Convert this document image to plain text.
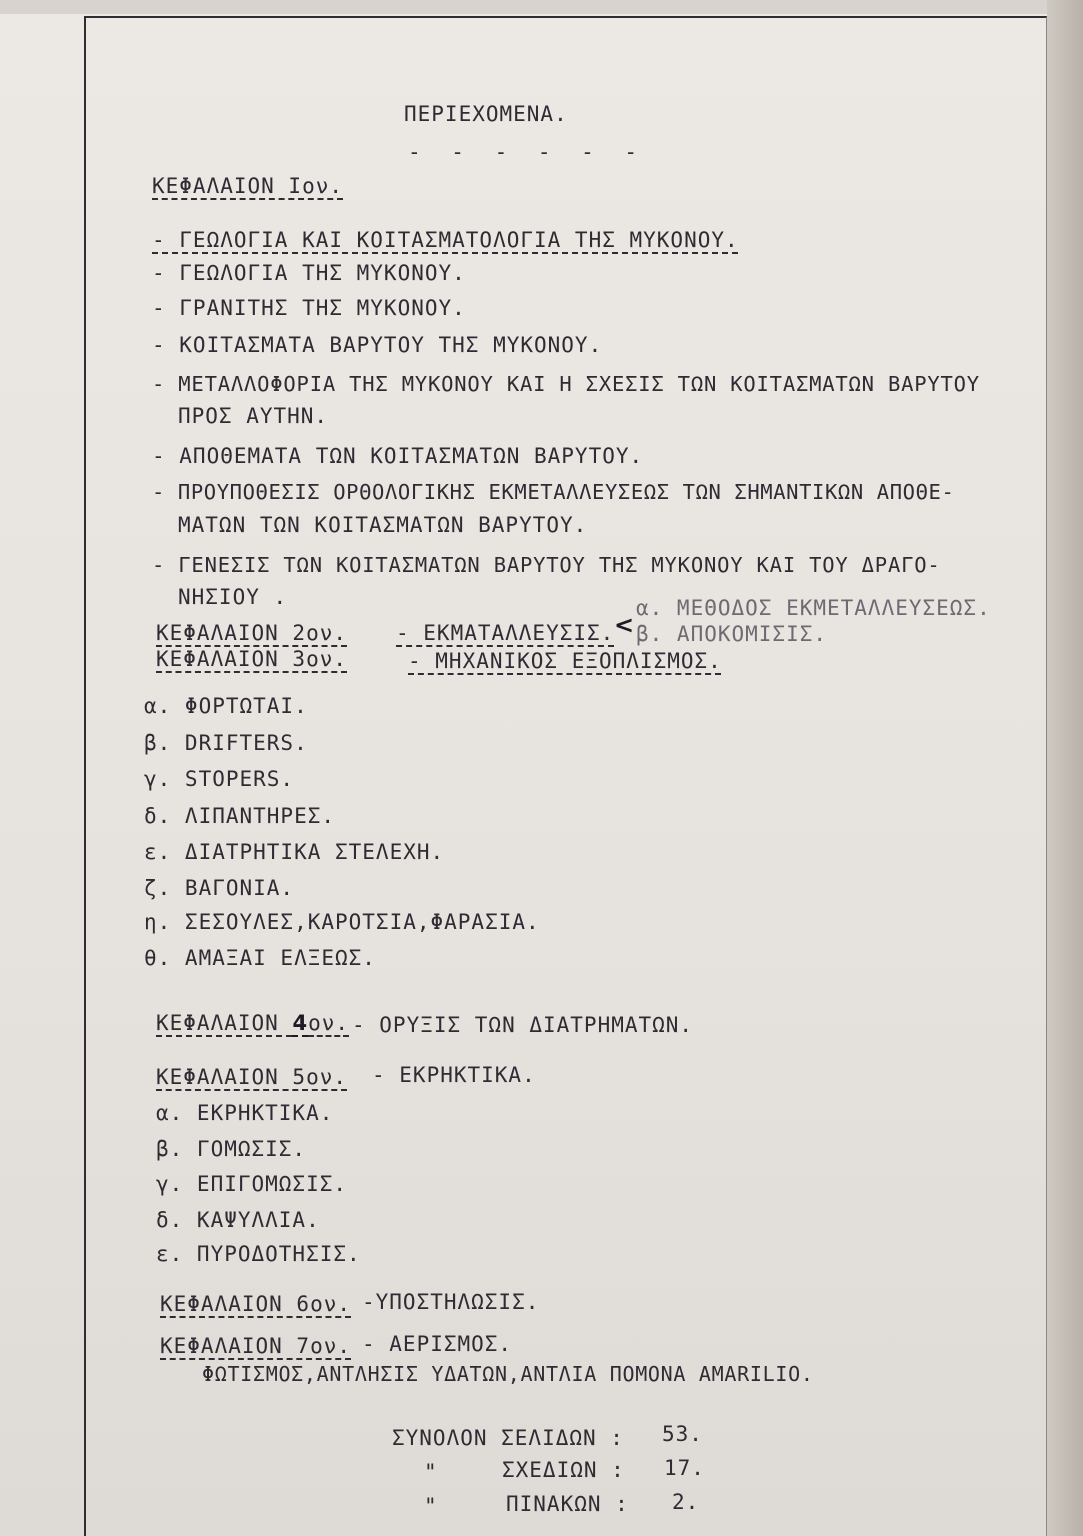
ΠΕΡΙΕΧΟΜΕΝΑ.
- - - - - -
ΚΕΦΑΛΑΙΟΝ Ιον.
- ΓΕΩΛΟΓΙΑ ΚΑΙ ΚΟΙΤΑΣΜΑΤΟΛΟΓΙΑ ΤΗΣ ΜΥΚΟΝΟΥ.
- ΓΕΩΛΟΓΙΑ ΤΗΣ ΜΥΚΟΝΟΥ.
- ΓΡΑΝΙΤΗΣ ΤΗΣ ΜΥΚΟΝΟΥ.
- ΚΟΙΤΑΣΜΑΤΑ ΒΑΡΥΤΟΥ ΤΗΣ ΜΥΚΟΝΟΥ.
- ΜΕΤΑΛΛΟΦΟΡΙΑ ΤΗΣ ΜΥΚΟΝΟΥ ΚΑΙ Η ΣΧΕΣΙΣ ΤΩΝ ΚΟΙΤΑΣΜΑΤΩΝ ΒΑΡΥΤΟΥ
ΠΡΟΣ ΑΥΤΗΝ.
- ΑΠΟΘΕΜΑΤΑ ΤΩΝ ΚΟΙΤΑΣΜΑΤΩΝ ΒΑΡΥΤΟΥ.
- ΠΡΟΥΠΟΘΕΣΙΣ ΟΡΘΟΛΟΓΙΚΗΣ ΕΚΜΕΤΑΛΛΕΥΣΕΩΣ ΤΩΝ ΣΗΜΑΝΤΙΚΩΝ ΑΠΟΘΕ-
ΜΑΤΩΝ ΤΩΝ ΚΟΙΤΑΣΜΑΤΩΝ ΒΑΡΥΤΟΥ.
- ΓΕΝΕΣΙΣ ΤΩΝ ΚΟΙΤΑΣΜΑΤΩΝ ΒΑΡΥΤΟΥ ΤΗΣ ΜΥΚΟΝΟΥ ΚΑΙ ΤΟΥ ΔΡΑΓΟ-
ΝΗΣΙΟΥ .
ΚΕΦΑΛΑΙΟΝ 2ον. - ΕΚΜΑΤΑΛΛΕΥΣΙΣ. <
α. ΜΕΘΟΔΟΣ ΕΚΜΕΤΑΛΛΕΥΣΕΩΣ.
β. ΑΠΟΚΟΜΙΣΙΣ.
ΚΕΦΑΛΑΙΟΝ 3ον.	- ΜΗΧΑΝΙΚΟΣ ΕΞΟΠΛΙΣΜΟΣ.
α. ΦΟΡΤΩΤΑΙ.
β. DRIFTERS.
γ. STOPERS.
δ. ΛΙΠΑΝΤΗΡΕΣ.
ε. ΔΙΑΤΡΗΤΙΚΑ ΣΤΕΛΕΧΗ.
ζ. ΒΑΓΟΝΙΑ.
η. ΣΕΣΟΥΛΕΣ,ΚΑΡΟΤΣΙΑ,ΦΑΡΑΣΙΑ.
θ. ΑΜΑΞΑΙ ΕΛΞΕΩΣ.
ΚΕΦΑΛΑΙΟΝ 4ον. - ΟΡΥΞΙΣ ΤΩΝ ΔΙΑΤΡΗΜΑΤΩΝ.
ΚΕΦΑΛΑΙΟΝ 5ον. - ΕΚΡΗΚΤΙΚΑ.
α. ΕΚΡΗΚΤΙΚΑ.
β. ΓΟΜΩΣΙΣ.
γ. ΕΠΙΓΟΜΩΣΙΣ.
δ. ΚΑΨΥΛΛΙΑ.
ε. ΠΥΡΟΔΟΤΗΣΙΣ.
ΚΕΦΑΛΑΙΟΝ 6ον. -ΥΠΟΣΤΗΛΩΣΙΣ.
ΚΕΦΑΛΑΙΟΝ 7ον. - ΑΕΡΙΣΜΟΣ.
ΦΩΤΙΣΜΟΣ,ΑΝΤΛΗΣΙΣ ΥΔΑΤΩΝ,ΑΝΤΛΙΑ ΠΟΜΟΝΑ AMARILIO.
ΣΥΝΟΛΟΝ ΣΕΛΙΔΩΝ : 53.
"	ΣΧΕΔΙΩΝ : 17.
"	ΠΙΝΑΚΩΝ : 2.
